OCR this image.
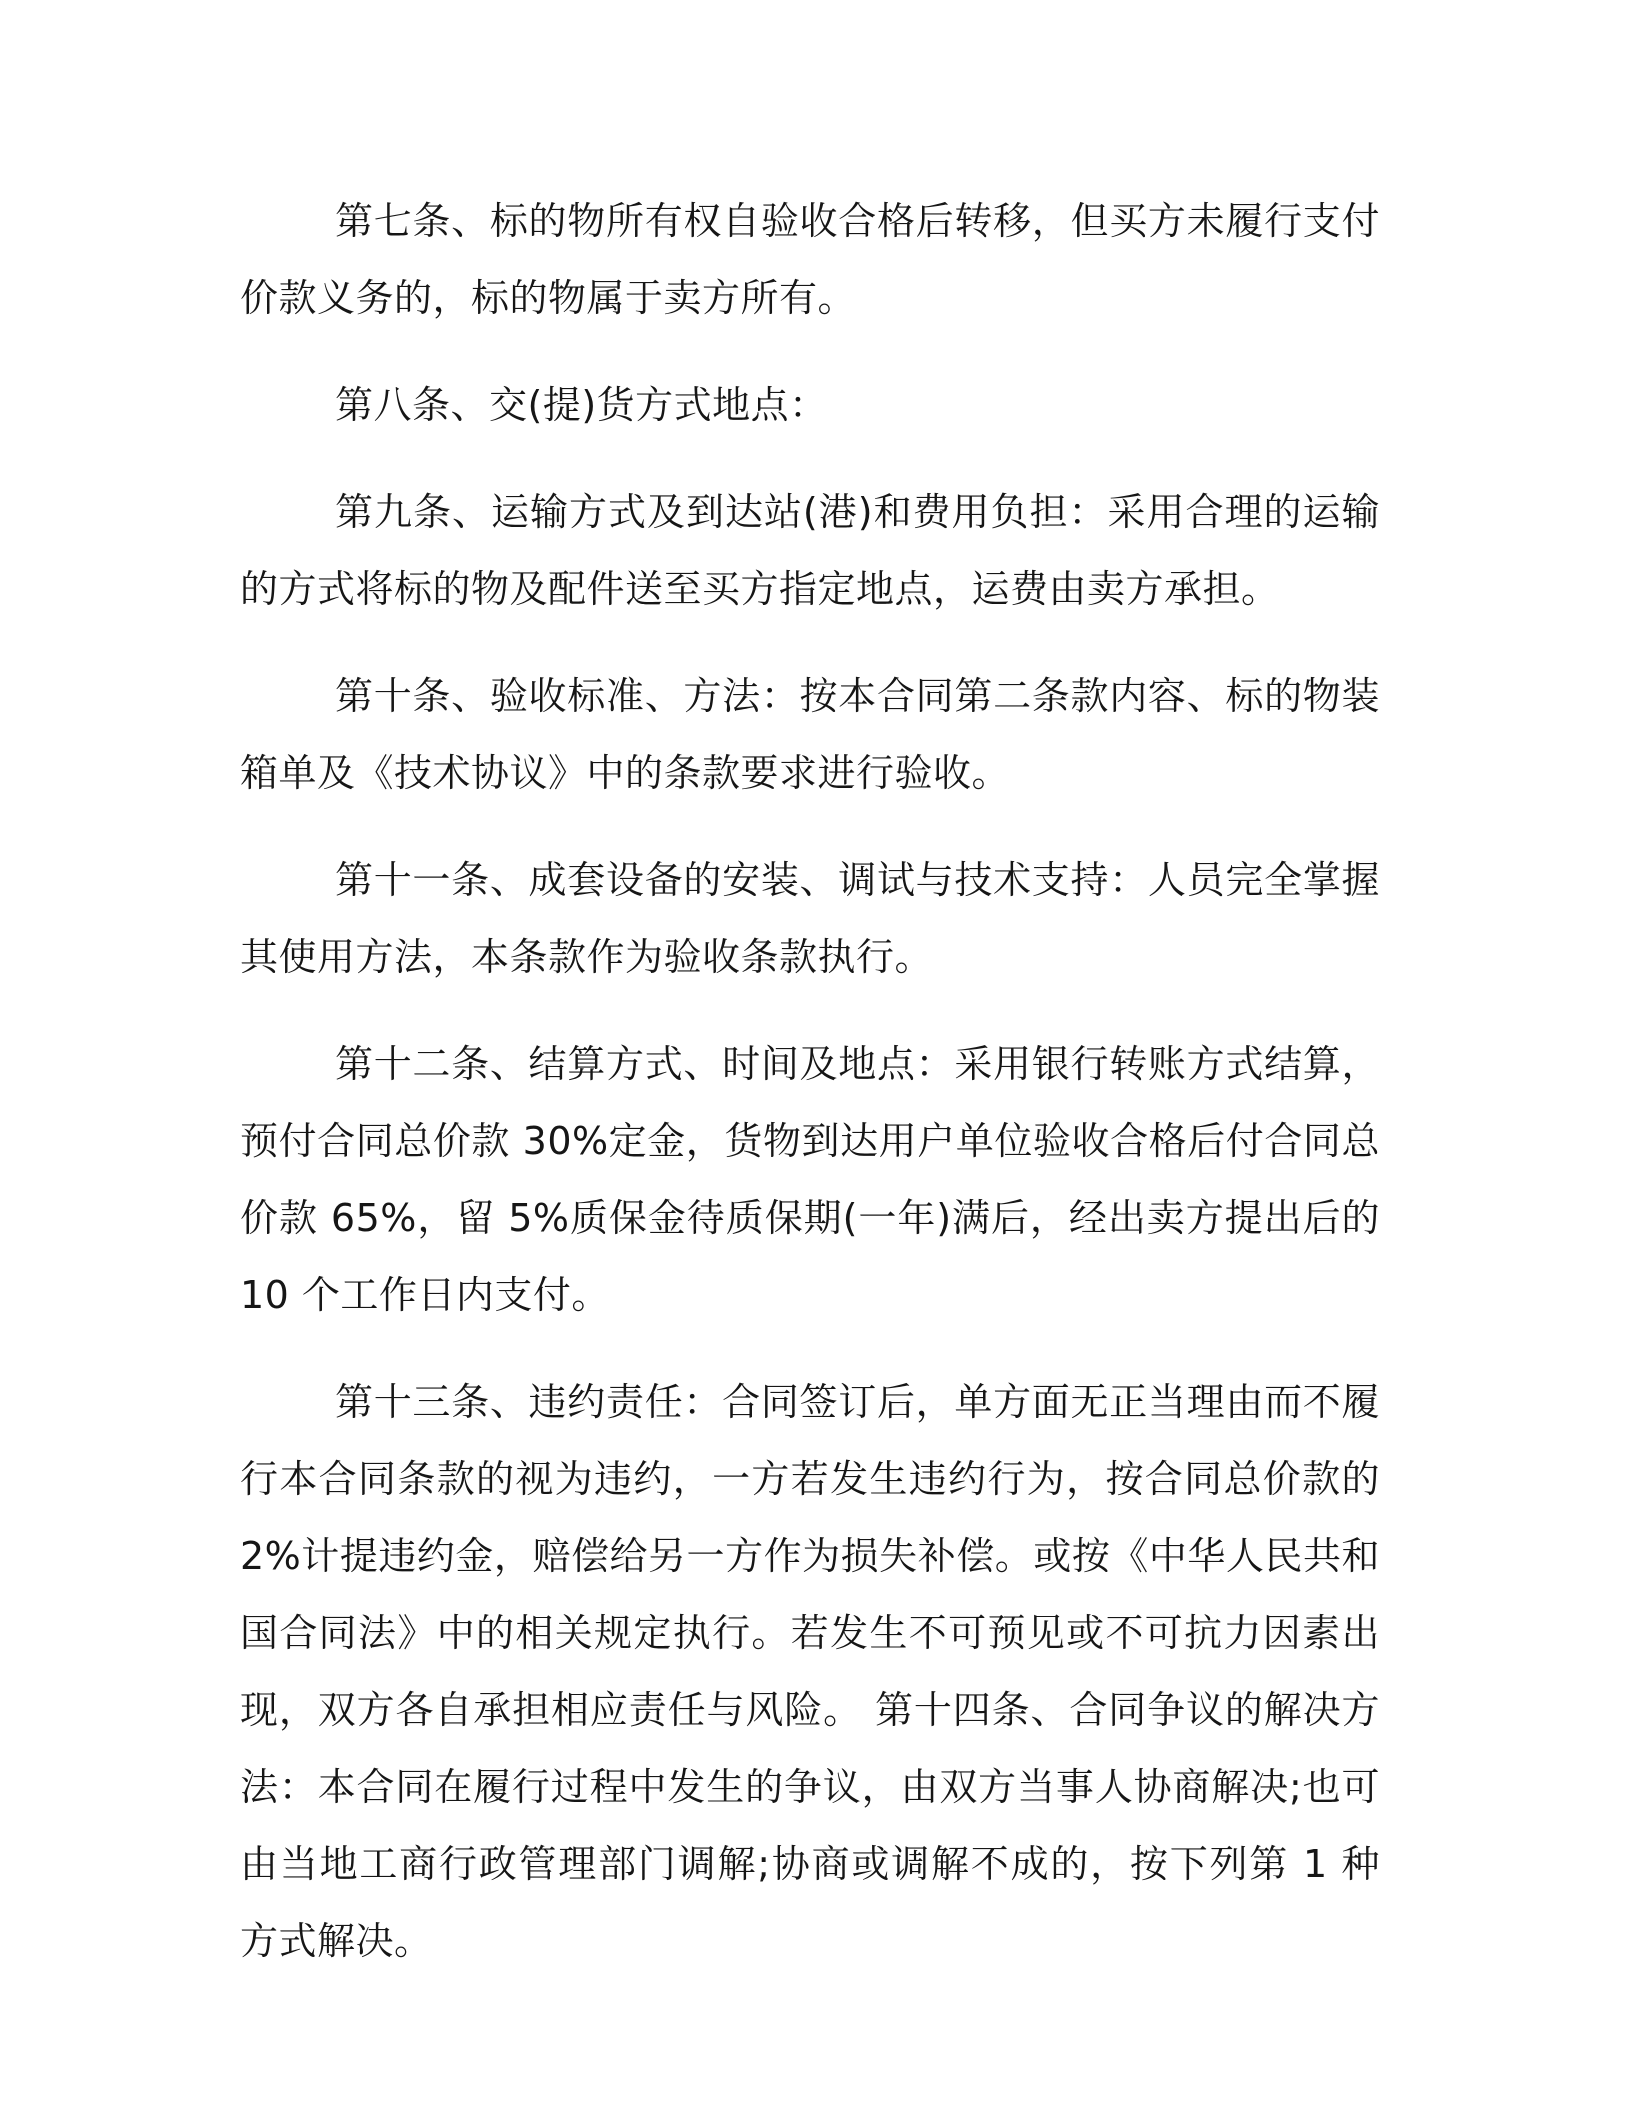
第七条、标的物所有权自验收合格后转移，但买方未履行支付价款义务的，标的物属于卖方所有。

第八条、交(提)货方式地点：

第九条、运输方式及到达站(港)和费用负担：采用合理的运输的方式将标的物及配件送至买方指定地点，运费由卖方承担。

第十条、验收标准、方法：按本合同第二条款内容、标的物装箱单及《技术协议》中的条款要求进行验收。

第十一条、成套设备的安装、调试与技术支持：人员完全掌握其使用方法，本条款作为验收条款执行。

第十二条、结算方式、时间及地点：采用银行转账方式结算，预付合同总价款 30%定金，货物到达用户单位验收合格后付合同总价款 65%，留 5%质保金待质保期(一年)满后，经出卖方提出后的 10 个工作日内支付。

第十三条、违约责任：合同签订后，单方面无正当理由而不履行本合同条款的视为违约，一方若发生违约行为，按合同总价款的 2%计提违约金，赔偿给另一方作为损失补偿。或按《中华人民共和国合同法》中的相关规定执行。若发生不可预见或不可抗力因素出现，双方各自承担相应责任与风险。 第十四条、合同争议的解决方法：本合同在履行过程中发生的争议，由双方当事人协商解决;也可由当地工商行政管理部门调解;协商或调解不成的，按下列第 1 种方式解决。
